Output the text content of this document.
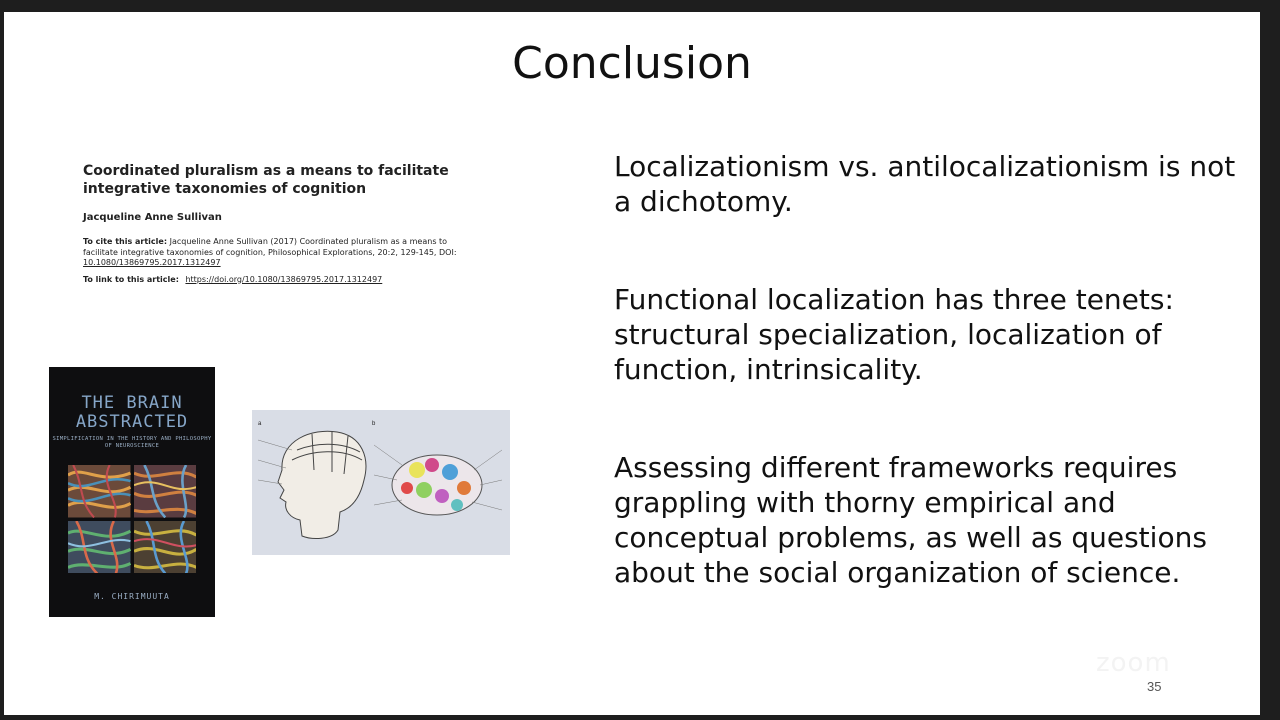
Conclusion
Coordinated pluralism as a means to facilitate integrative taxonomies of cognition
Jacqueline Anne Sullivan
To cite this article: Jacqueline Anne Sullivan (2017) Coordinated pluralism as a means to facilitate integrative taxonomies of cognition, Philosophical Explorations, 20:2, 129-145, DOI: 10.1080/13869795.2017.1312497
To link to this article: https://doi.org/10.1080/13869795.2017.1312497
THE BRAIN
ABSTRACTED
SIMPLIFICATION IN THE HISTORY AND PHILOSOPHY OF NEUROSCIENCE
M. CHIRIMUUTA
a	b

Localizationism vs. antilocalizationism is not a dichotomy.

Functional localization has three tenets: structural specialization, localization of function, intrinsicality.

Assessing different frameworks requires grappling with thorny empirical and conceptual problems, as well as questions about the social organization of science.

zoom
35
